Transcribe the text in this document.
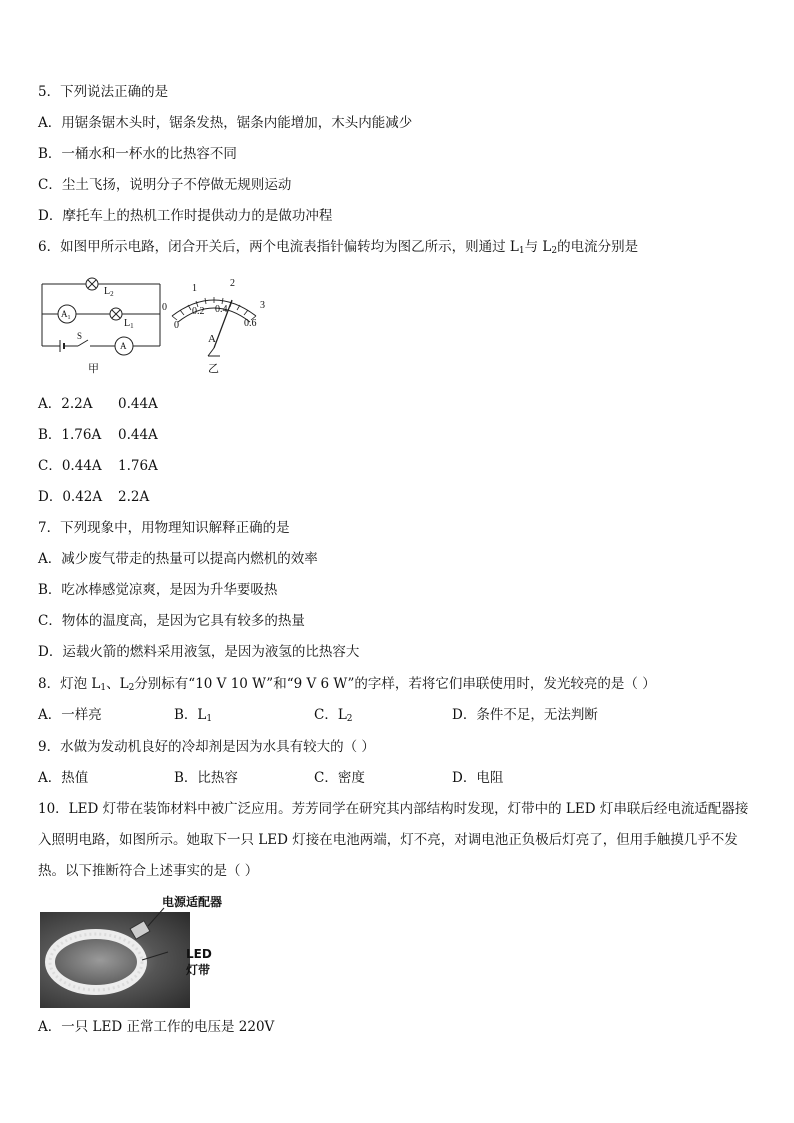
5．下列说法正确的是
A．用锯条锯木头时，锯条发热，锯条内能增加，木头内能减少
B．一桶水和一杯水的比热容不同
C．尘土飞扬，说明分子不停做无规则运动
D．摩托车上的热机工作时提供动力的是做功冲程
6．如图甲所示电路，闭合开关后，两个电流表指针偏转均为图乙所示，则通过 $L_1$与 $L_2$的电流分别是
$L_2$
$L_1$
$A_1$
S
A
甲
0
1	2
3
0
0.2 0.4
0.6
A
乙
A．2.2A 0.44A
B．1.76A 0.44A
C．0.44A 1.76A
D．0.42A 2.2A
7．下列现象中，用物理知识解释正确的是
A．减少废气带走的热量可以提高内燃机的效率
B．吃冰棒感觉凉爽，是因为升华要吸热
C．物体的温度高，是因为它具有较多的热量
D．运载火箭的燃料采用液氢，是因为液氢的比热容大
8．灯泡 $L_1$、$L_2$分别标有“10 V 10 W”和“9 V 6 W”的字样，若将它们串联使用时，发光较亮的是（ ）
A．一样亮	B．$L_1$	C．$L_2$	D．条件不足，无法判断
9．水做为发动机良好的冷却剂是因为水具有较大的（ ）
A．热值	B．比热容	C．密度	D．电阻
10．LED 灯带在装饰材料中被广泛应用。芳芳同学在研究其内部结构时发现，灯带中的 LED 灯串联后经电流适配器接入照明电路，如图所示。她取下一只 LED 灯接在电池两端，灯不亮，对调电池正负极后灯亮了，但用手触摸几乎不发热。以下推断符合上述事实的是（ ）
电源适配器
LED
灯带
A．一只 LED 正常工作的电压是 220V
